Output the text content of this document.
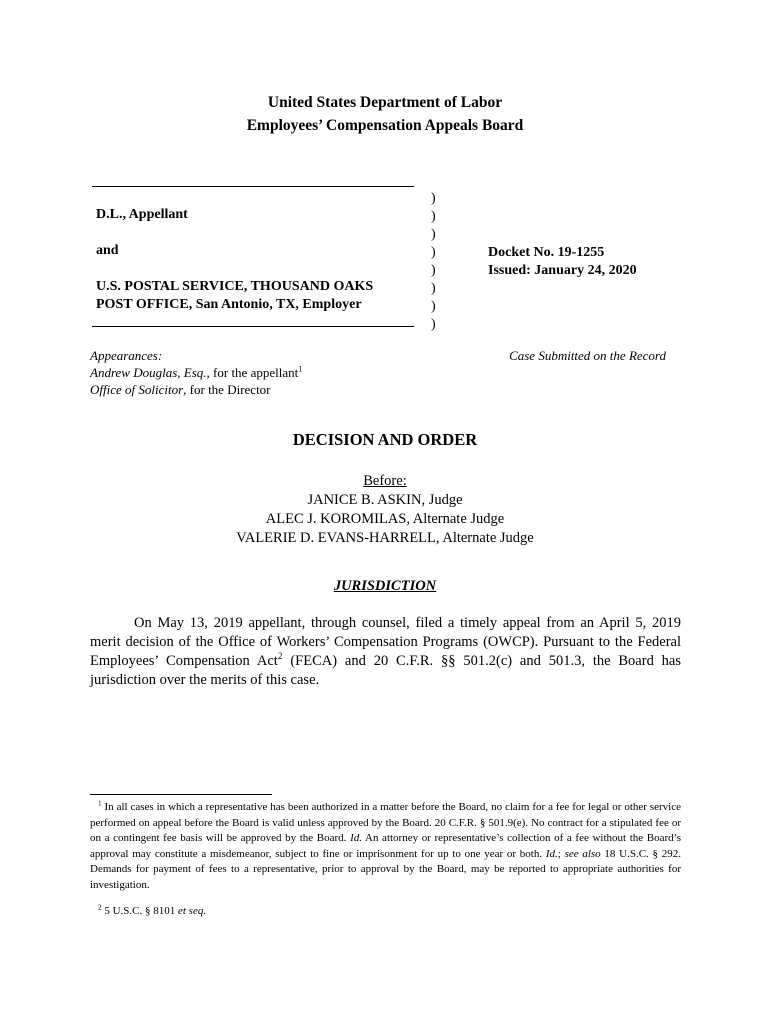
United States Department of Labor
Employees’ Compensation Appeals Board
D.L., Appellant
and
U.S. POSTAL SERVICE, THOUSAND OAKS
POST OFFICE, San Antonio, TX, Employer
)
)
)
)
)
)
)
)
Docket No. 19-1255
Issued: January 24, 2020
Appearances:
Andrew Douglas, Esq., for the appellant$^1$
Office of Solicitor, for the Director
Case Submitted on the Record
DECISION AND ORDER
Before:
JANICE B. ASKIN, Judge
ALEC J. KOROMILAS, Alternate Judge
VALERIE D. EVANS-HARRELL, Alternate Judge
JURISDICTION
On May 13, 2019 appellant, through counsel, filed a timely appeal from an April 5, 2019 merit decision of the Office of Workers’ Compensation Programs (OWCP). Pursuant to the Federal Employees’ Compensation Act$^2$ (FECA) and 20 C.F.R. §§ 501.2(c) and 501.3, the Board has jurisdiction over the merits of this case.
$^1$ In all cases in which a representative has been authorized in a matter before the Board, no claim for a fee for legal or other service performed on appeal before the Board is valid unless approved by the Board. 20 C.F.R. § 501.9(e). No contract for a stipulated fee or on a contingent fee basis will be approved by the Board. Id. An attorney or representative’s collection of a fee without the Board’s approval may constitute a misdemeanor, subject to fine or imprisonment for up to one year or both. Id.; see also 18 U.S.C. § 292. Demands for payment of fees to a representative, prior to approval by the Board, may be reported to appropriate authorities for investigation.
$^2$ 5 U.S.C. § 8101 et seq.
